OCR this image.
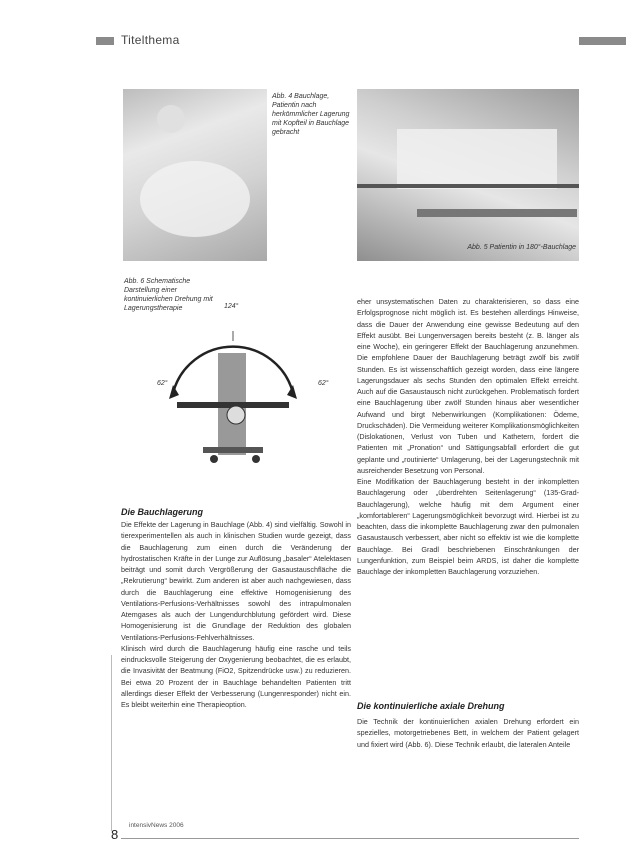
Titelthema
Abb. 4 Bauchlage, Patientin nach herkömmlicher Lagerung mit Kopfteil in Bauchlage gebracht
Abb. 5 Patientin in 180°-Bauchlage
Abb. 6 Schematische Darstellung einer kontinuierlichen Drehung mit Lagerungstherapie	124°
62°	62°
Die Bauchlagerung

Die Effekte der Lagerung in Bauchlage (Abb. 4) sind vielfältig. Sowohl in tierexperimentellen als auch in klinischen Studien wurde gezeigt, dass die Bauchlagerung zum einen durch die Veränderung der hydrostatischen Kräfte in der Lunge zur Auflösung „basaler“ Atelektasen beiträgt und somit durch Vergrößerung der Gasaustauschfläche die „Rekrutierung“ bewirkt. Zum anderen ist aber auch nachgewiesen, dass durch die Bauchlagerung eine effektive Homogenisierung des Ventilations-Perfusions-Verhältnisses sowohl des intrapulmonalen Atemgases als auch der Lungendurchblutung gefördert wird. Diese Homogenisierung ist die Grundlage der Reduktion des globalen Ventilations-Perfusions-Fehlverhältnisses.

Klinisch wird durch die Bauchlagerung häufig eine rasche und teils eindrucksvolle Steigerung der Oxygenierung beobachtet, die es erlaubt, die Invasivität der Beatmung (FiO2, Spitzendrücke usw.) zu reduzieren. Bei etwa 20 Prozent der in Bauchlage behandelten Patienten tritt allerdings dieser Effekt der Verbesserung (Lungenresponder) nicht ein. Es bleibt weiterhin eine Therapieoption.

eher unsystematischen Daten zu charakterisieren, so dass eine Erfolgsprognose nicht möglich ist. Es bestehen allerdings Hinweise, dass die Dauer der Anwendung eine gewisse Bedeutung auf den Effekt ausübt. Bei Lungenversagen bereits besteht (z. B. länger als eine Woche), ein geringerer Effekt der Bauchlagerung anzunehmen. Die empfohlene Dauer der Bauchlagerung beträgt zwölf bis zwölf Stunden. Es ist wissenschaftlich gezeigt worden, dass eine längere Lagerungsdauer als sechs Stunden den optimalen Effekt erreicht. Auch auf die Gasaustausch nicht zurückgehen. Problematisch fordert eine Bauchlagerung über zwölf Stunden hinaus aber wesentlicher Aufwand und birgt Nebenwirkungen (Komplikationen: Ödeme, Druckschäden). Die Vermeidung weiterer Komplikationsmöglichkeiten (Dislokationen, Verlust von Tuben und Kathetern, fordert die Patienten mit „Pronation“ und Sättigungsabfall erfordert die gut geplante und „routinierte“ Umlagerung, bei der Lagerungstechnik mit ausreichender Besetzung von Personal.

Eine Modifikation der Bauchlagerung besteht in der inkompletten Bauchlagerung oder „überdrehten Seitenlagerung“ (135-Grad-Bauchlagerung), welche häufig mit dem Argument einer „komfortableren“ Lagerungsmöglichkeit bevorzugt wird. Hierbei ist zu beachten, dass die inkomplette Bauchlagerung zwar den pulmonalen Gasaustausch verbessert, aber nicht so effektiv ist wie die komplette Bauchlage. Bei Gradl beschriebenen Einschränkungen der Lungenfunktion, zum Beispiel beim ARDS, ist daher die komplette Bauchlage der inkompletten Bauchlagerung vorzuziehen.

Die kontinuierliche axiale Drehung

Die Technik der kontinuierlichen axialen Drehung erfordert ein spezielles, motorgetriebenes Bett, in welchem der Patient gelagert und fixiert wird (Abb. 6). Diese Technik erlaubt, die lateralen Anteile

8
intensivNews 2006
